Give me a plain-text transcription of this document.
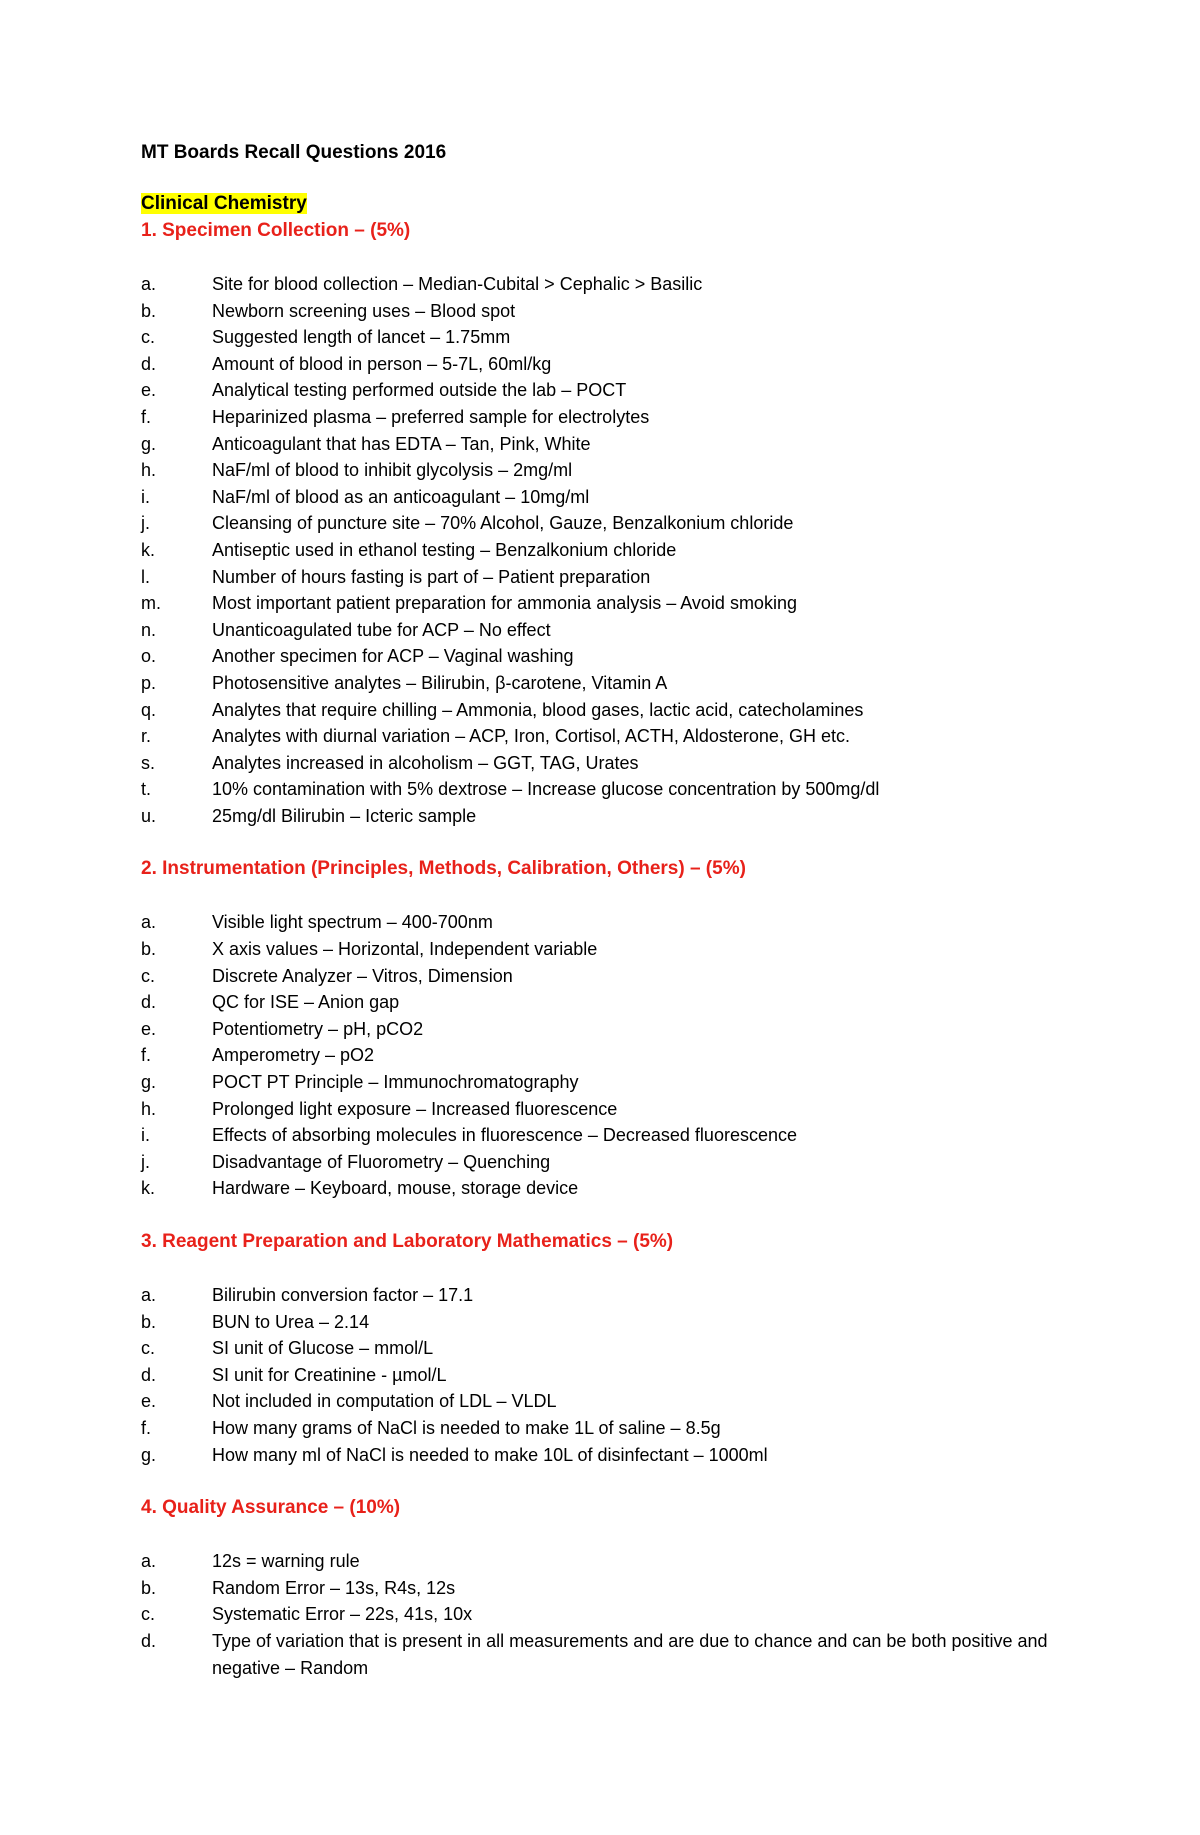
MT Boards Recall Questions 2016
Clinical Chemistry
1. Specimen Collection – (5%)
a.	Site for blood collection – Median-Cubital > Cephalic > Basilic
b.	Newborn screening uses – Blood spot
c.	Suggested length of lancet – 1.75mm
d.	Amount of blood in person – 5-7L, 60ml/kg
e.	Analytical testing performed outside the lab – POCT
f.	Heparinized plasma – preferred sample for electrolytes
g.	Anticoagulant that has EDTA – Tan, Pink, White
h.	NaF/ml of blood to inhibit glycolysis – 2mg/ml
i.	NaF/ml of blood as an anticoagulant – 10mg/ml
j.	Cleansing of puncture site – 70% Alcohol, Gauze, Benzalkonium chloride
k.	Antiseptic used in ethanol testing – Benzalkonium chloride
l.	Number of hours fasting is part of – Patient preparation
m.	Most important patient preparation for ammonia analysis – Avoid smoking
n.	Unanticoagulated tube for ACP – No effect
o.	Another specimen for ACP – Vaginal washing
p.	Photosensitive analytes – Bilirubin, β-carotene, Vitamin A
q.	Analytes that require chilling – Ammonia, blood gases, lactic acid, catecholamines
r.	Analytes with diurnal variation – ACP, Iron, Cortisol, ACTH, Aldosterone, GH etc.
s.	Analytes increased in alcoholism – GGT, TAG, Urates
t.	10% contamination with 5% dextrose – Increase glucose concentration by 500mg/dl
u.	25mg/dl Bilirubin – Icteric sample
2. Instrumentation (Principles, Methods, Calibration, Others) – (5%)
a.	Visible light spectrum – 400-700nm
b.	X axis values – Horizontal, Independent variable
c.	Discrete Analyzer – Vitros, Dimension
d.	QC for ISE – Anion gap
e.	Potentiometry – pH, pCO2
f.	Amperometry – pO2
g.	POCT PT Principle – Immunochromatography
h.	Prolonged light exposure – Increased fluorescence
i.	Effects of absorbing molecules in fluorescence – Decreased fluorescence
j.	Disadvantage of Fluorometry – Quenching
k.	Hardware – Keyboard, mouse, storage device
3. Reagent Preparation and Laboratory Mathematics – (5%)
a.	Bilirubin conversion factor – 17.1
b.	BUN to Urea – 2.14
c.	SI unit of Glucose – mmol/L
d.	SI unit for Creatinine - µmol/L
e.	Not included in computation of LDL – VLDL
f.	How many grams of NaCl is needed to make 1L of saline – 8.5g
g.	How many ml of NaCl is needed to make 10L of disinfectant – 1000ml
4. Quality Assurance – (10%)
a.	12s = warning rule
b.	Random Error – 13s, R4s, 12s
c.	Systematic Error – 22s, 41s, 10x
d.	Type of variation that is present in all measurements and are due to chance and can be both positive and negative – Random
